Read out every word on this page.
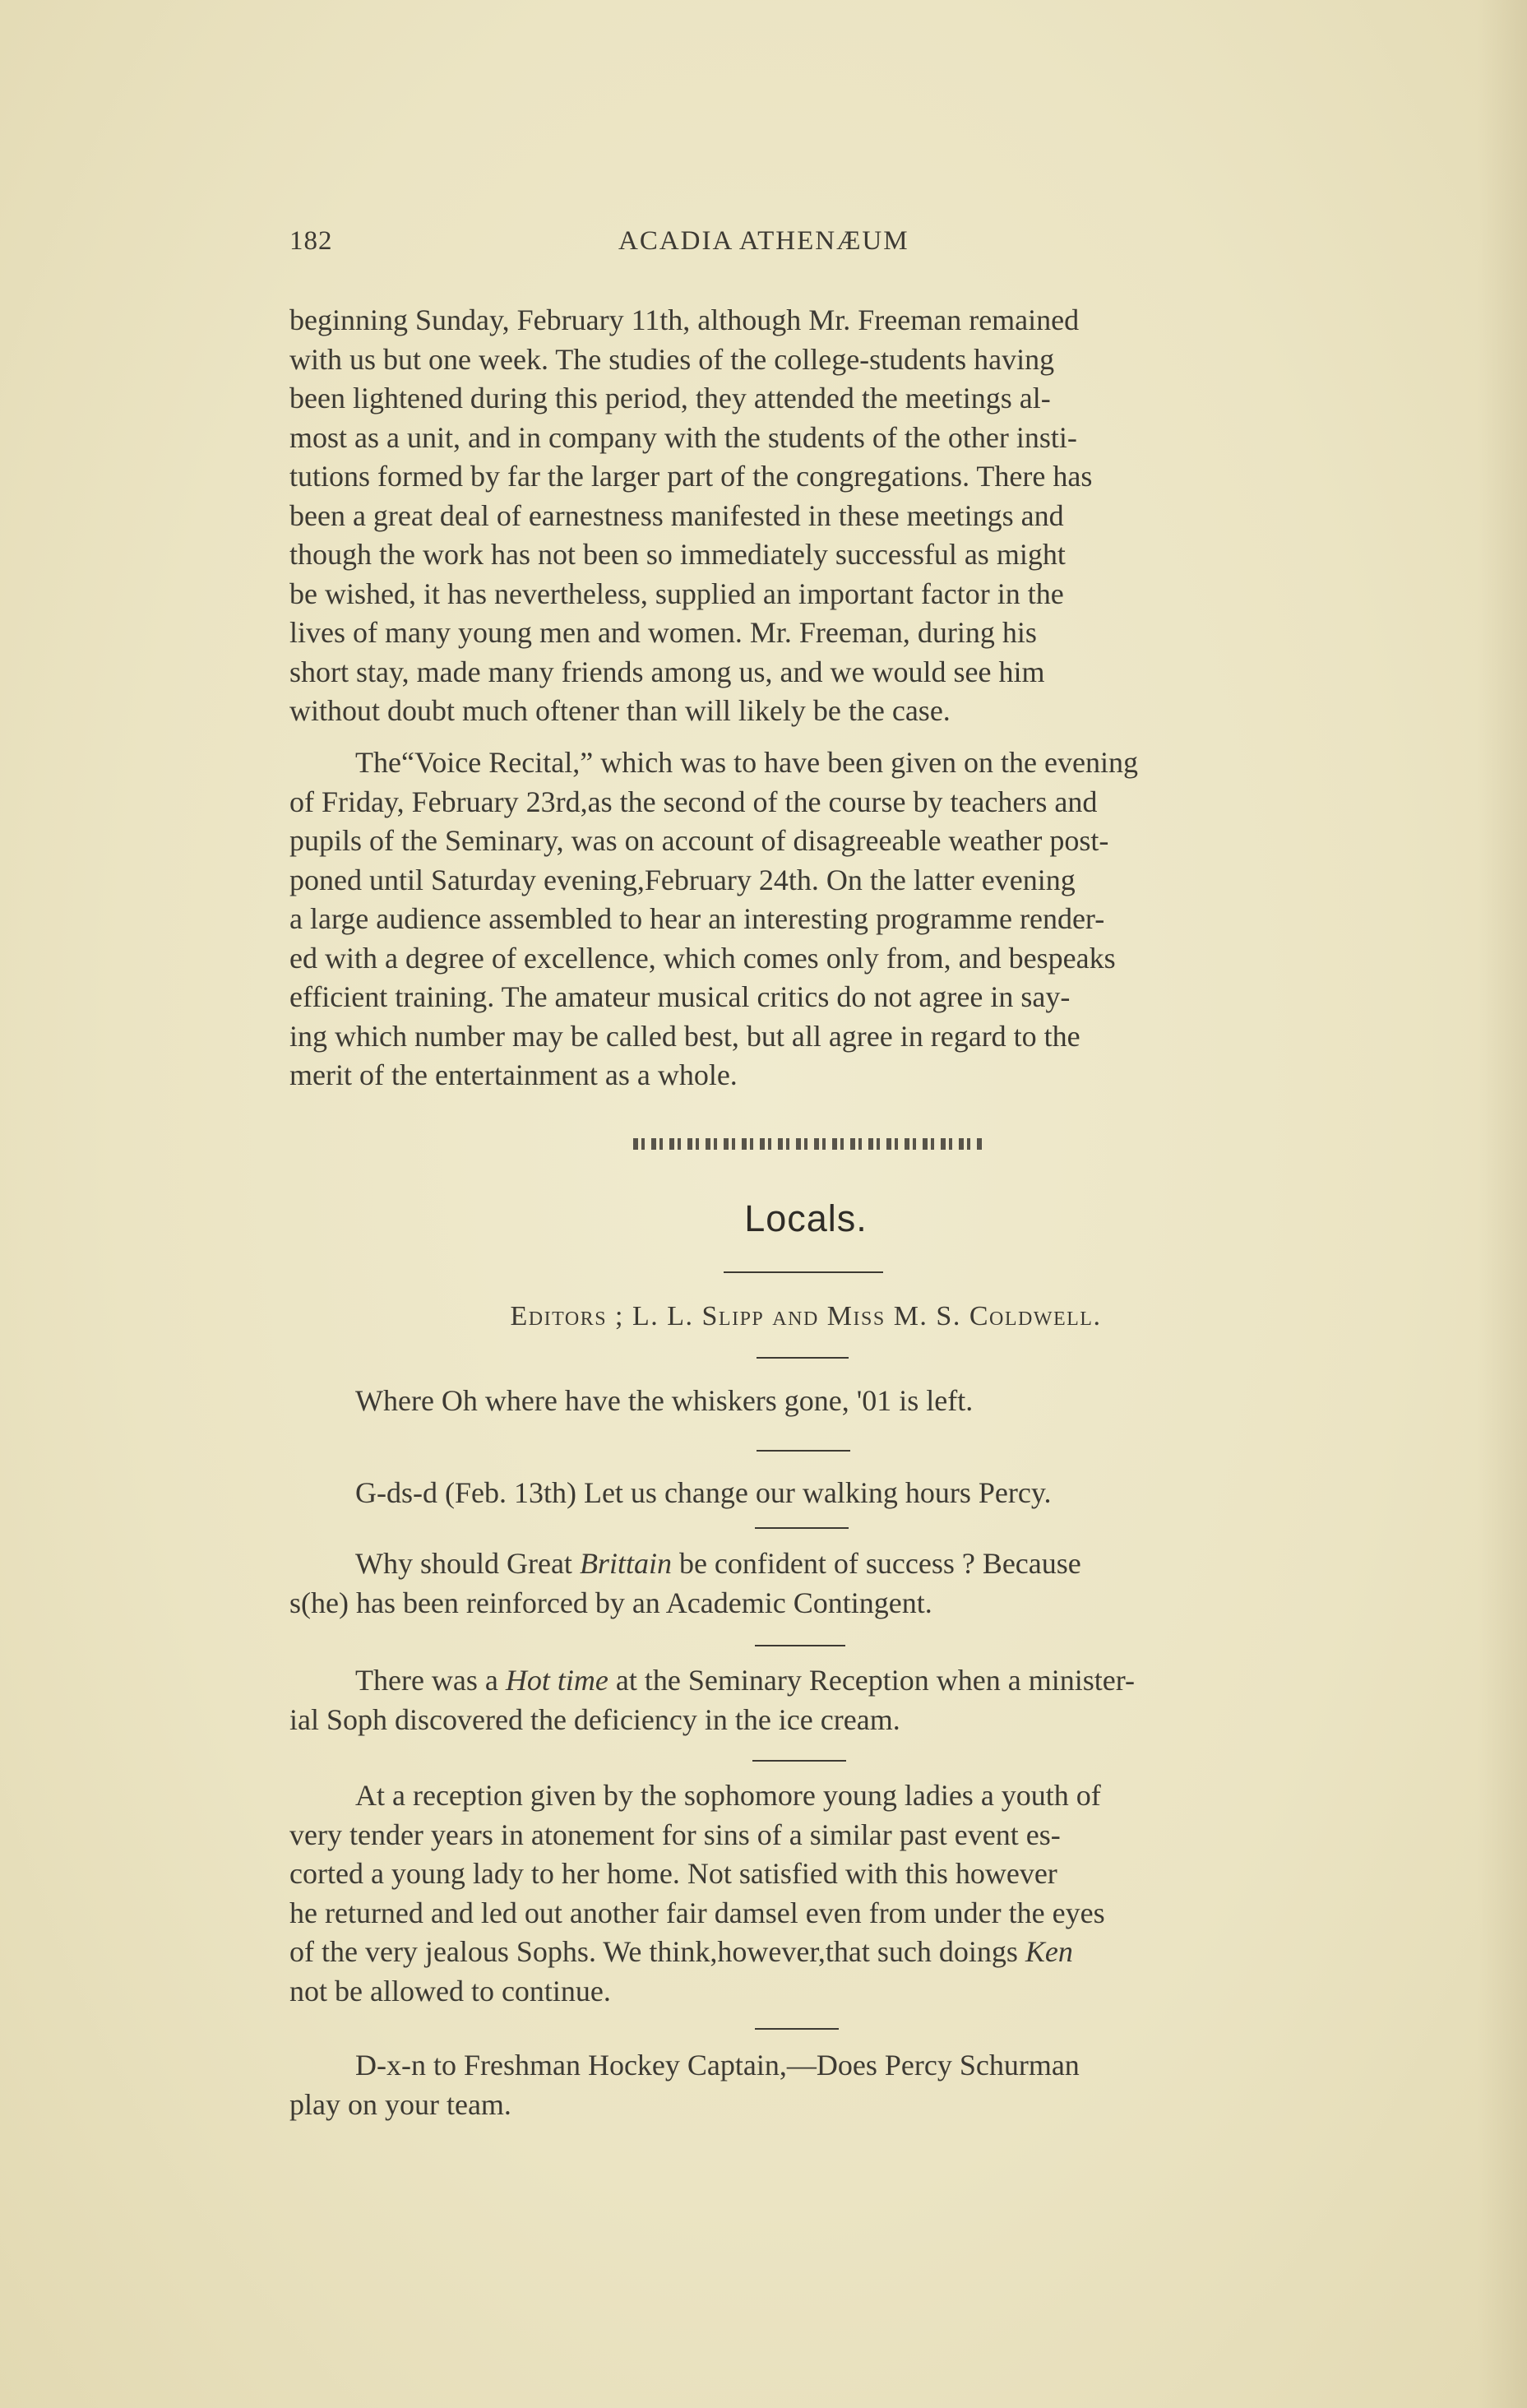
182	ACADIA ATHENÆUM

beginning Sunday, February 11th, although Mr. Freeman remained

with us but one week. The studies of the college-students having

been lightened during this period, they attended the meetings al-

most as a unit, and in company with the students of the other insti-

tutions formed by far the larger part of the congregations. There has

been a great deal of earnestness manifested in these meetings and

though the work has not been so immediately successful as might

be wished, it has nevertheless, supplied an important factor in the

lives of many young men and women. Mr. Freeman, during his

short stay, made many friends among us, and we would see him

without doubt much oftener than will likely be the case.

The“Voice Recital,” which was to have been given on the evening

of Friday, February 23rd,as the second of the course by teachers and

pupils of the Seminary, was on account of disagreeable weather post-

poned until Saturday evening,February 24th. On the latter evening

a large audience assembled to hear an interesting programme render-

ed with a degree of excellence, which comes only from, and bespeaks

efficient training. The amateur musical critics do not agree in say-

ing which number may be called best, but all agree in regard to the

merit of the entertainment as a whole.

Locals.
Editors ; L. L. Slipp and Miss M. S. Coldwell.

Where Oh where have the whiskers gone, '01 is left.

G-ds-d (Feb. 13th) Let us change our walking hours Percy.

Why should Great Brittain be confident of success ? Because

s(he) has been reinforced by an Academic Contingent.

There was a Hot time at the Seminary Reception when a minister-

ial Soph discovered the deficiency in the ice cream.

At a reception given by the sophomore young ladies a youth of

very tender years in atonement for sins of a similar past event es-

corted a young lady to her home. Not satisfied with this however

he returned and led out another fair damsel even from under the eyes

of the very jealous Sophs. We think,however,that such doings Ken

not be allowed to continue.

D-x-n to Freshman Hockey Captain,—Does Percy Schurman

play on your team.
